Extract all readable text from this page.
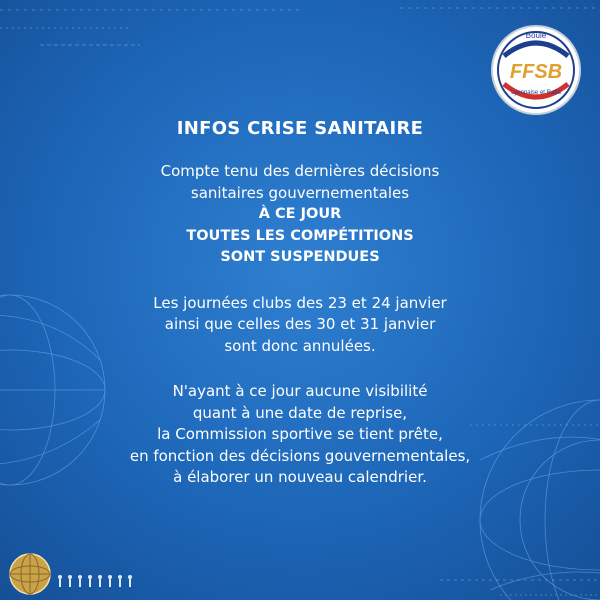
FFSB
Boule
Lyonnaise et Raffa
INFOS CRISE SANITAIRE
Compte tenu des dernières décisions
sanitaires gouvernementales
À CE JOUR
TOUTES LES COMPÉTITIONS
SONT SUSPENDUES
Les journées clubs des 23 et 24 janvier
ainsi que celles des 30 et 31 janvier
sont donc annulées.
N'ayant à ce jour aucune visibilité
quant à une date de reprise,
la Commission sportive se tient prête,
en fonction des décisions gouvernementales,
à élaborer un nouveau calendrier.
